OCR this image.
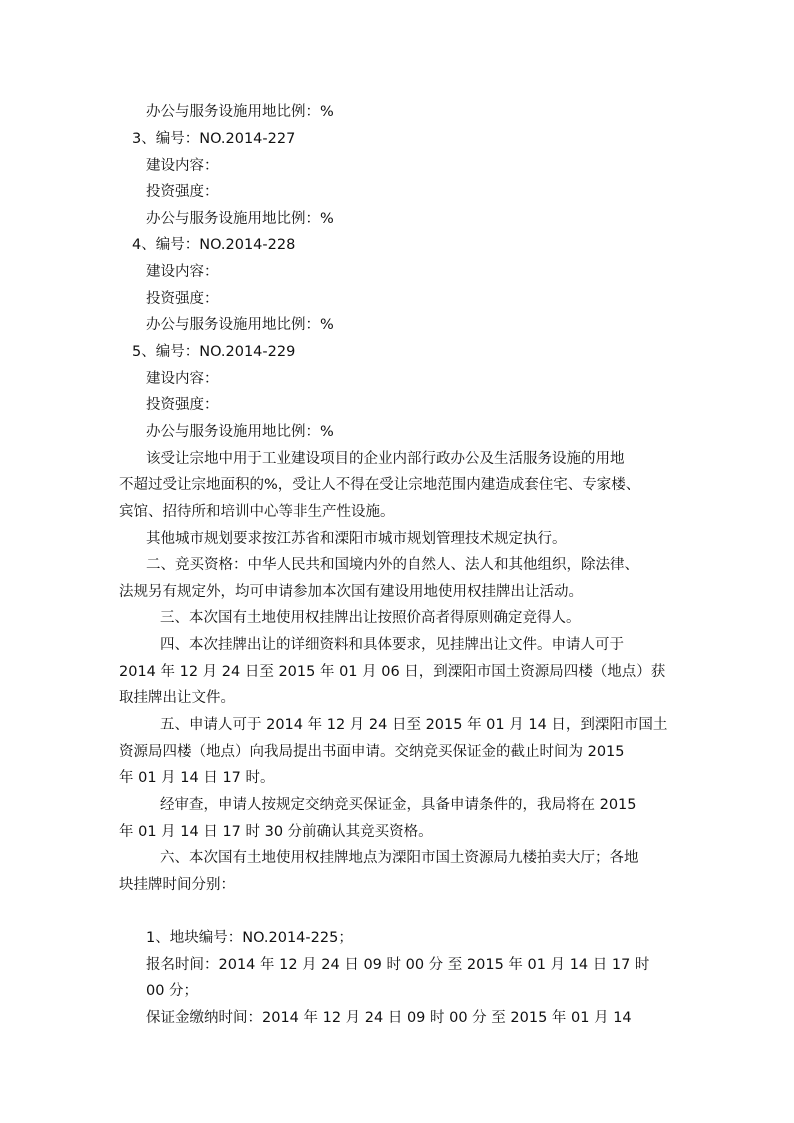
办公与服务设施用地比例：%
3、编号：NO.2014-227
建设内容：
投资强度：
办公与服务设施用地比例：%
4、编号：NO.2014-228
建设内容：
投资强度：
办公与服务设施用地比例：%
5、编号：NO.2014-229
建设内容：
投资强度：
办公与服务设施用地比例：%
该受让宗地中用于工业建设项目的企业内部行政办公及生活服务设施的用地
不超过受让宗地面积的%，受让人不得在受让宗地范围内建造成套住宅、专家楼、
宾馆、招待所和培训中心等非生产性设施。
其他城市规划要求按江苏省和溧阳市城市规划管理技术规定执行。
二、竞买资格：中华人民共和国境内外的自然人、法人和其他组织，除法律、
法规另有规定外，均可申请参加本次国有建设用地使用权挂牌出让活动。
三、本次国有土地使用权挂牌出让按照价高者得原则确定竞得人。
四、本次挂牌出让的详细资料和具体要求，见挂牌出让文件。申请人可于
2014 年 12 月 24 日至 2015 年 01 月 06 日，到溧阳市国土资源局四楼（地点）获
取挂牌出让文件。
五、申请人可于 2014 年 12 月 24 日至 2015 年 01 月 14 日，到溧阳市国土
资源局四楼（地点）向我局提出书面申请。交纳竞买保证金的截止时间为 2015
年 01 月 14 日 17 时。
经审查，申请人按规定交纳竞买保证金，具备申请条件的，我局将在 2015
年 01 月 14 日 17 时 30 分前确认其竞买资格。
六、本次国有土地使用权挂牌地点为溧阳市国土资源局九楼拍卖大厅；各地
块挂牌时间分别：
1、地块编号：NO.2014-225；
报名时间：2014 年 12 月 24 日 09 时 00 分 至 2015 年 01 月 14 日 17 时
00 分；
保证金缴纳时间：2014 年 12 月 24 日 09 时 00 分 至 2015 年 01 月 14
